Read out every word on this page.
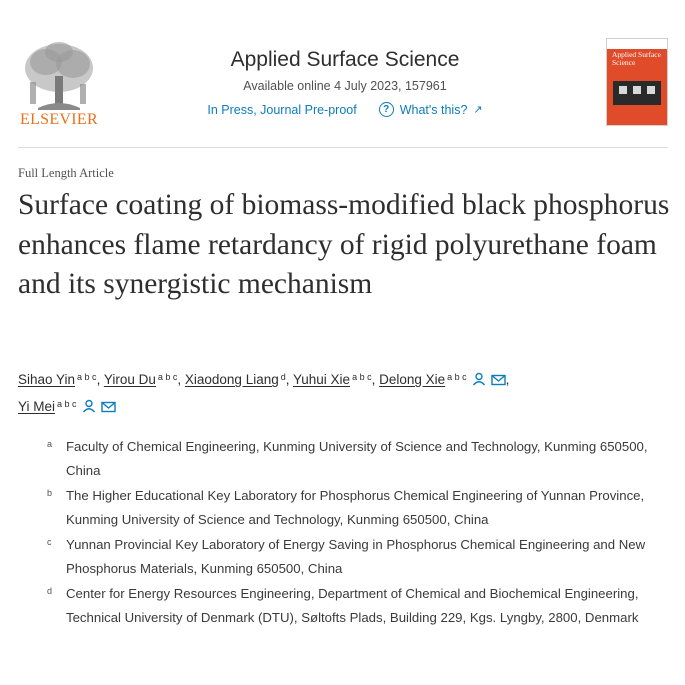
ELSEVIER
Applied Surface Science
Available online 4 July 2023, 157961
In Press, Journal Pre-proof	? What's this? ↗
Applied Surface Science
Full Length Article
Surface coating of biomass-modified black phosphorus enhances flame retardancy of rigid polyurethane foam and its synergistic mechanism
Sihao Yin $^{a b c}$, Yirou Du $^{a b c}$, Xiaodong Liang $^d$, Yuhui Xie $^{a b c}$, Delong Xie $^{a b c}$	,
Yi Mei $^{a b c}$
a Faculty of Chemical Engineering, Kunming University of Science and Technology, Kunming 650500, China
b The Higher Educational Key Laboratory for Phosphorus Chemical Engineering of Yunnan Province, Kunming University of Science and Technology, Kunming 650500, China
c Yunnan Provincial Key Laboratory of Energy Saving in Phosphorus Chemical Engineering and New Phosphorus Materials, Kunming 650500, China
d Center for Energy Resources Engineering, Department of Chemical and Biochemical Engineering, Technical University of Denmark (DTU), Søltofts Plads, Building 229, Kgs. Lyngby, 2800, Denmark
